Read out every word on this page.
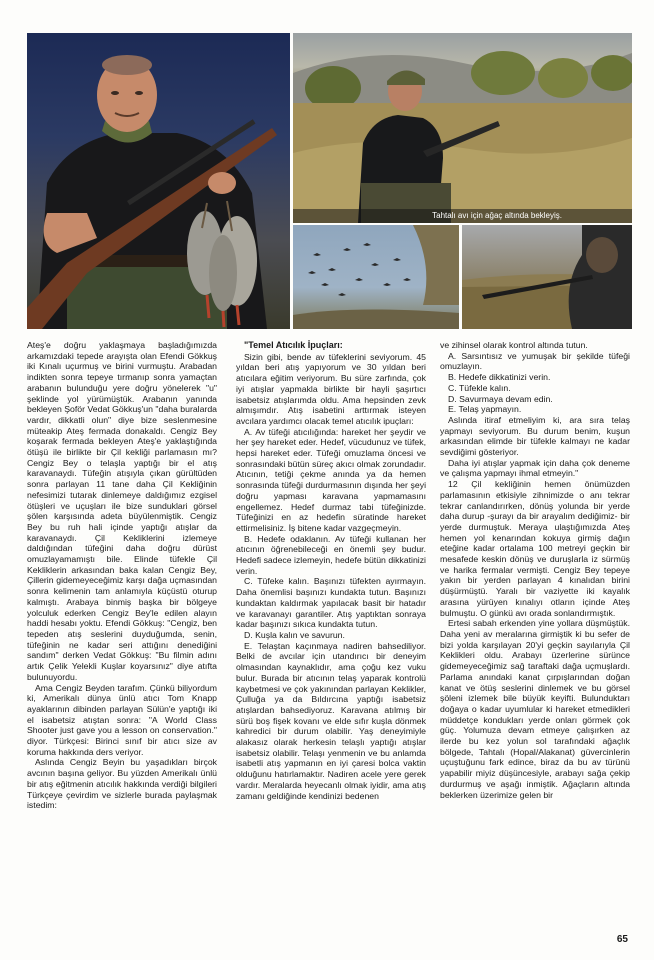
Tahtalı avı için ağaç altında bekleyiş.

Ateş'e doğru yaklaşmaya başladığımızda arkamızdaki tepede arayışta olan Efendi Gökkuş iki Kınalı uçurmuş ve birini vurmuştu. Arabadan indikten sonra tepeye tırmanıp sonra yamaçtan arabanın bulunduğu yere doğru yönelerek "u" şeklinde yol yürümüştük. Arabanın yanında bekleyen Şoför Vedat Gökkuş'un "daha buralarda vardır, dikkatli olun" diye bize seslenmesine müteakip Ateş fermada donakaldı. Cengiz Bey koşarak fermada bekleyen Ateş'e yaklaştığında ötüşü ile birlikte bir Çil kekliği parlamasın mı? Cengiz Bey o telaşla yaptığı bir el atış karavanaydı. Tüfeğin atışıyla çıkan gürültüden sonra parlayan 11 tane daha Çil Kekliğinin nefesimizi tutarak dinlemeye daldığımız ezgisel ötüşleri ve uçuşları ile bize sunduklari görsel şölen karşısında adeta büyülenmiştik. Cengiz Bey bu ruh hali içinde yaptığı atışlar da karavanaydı. Çil Kekliklerini izlemeye daldığından tüfeğini daha doğru dürüst omuzlayamamıştı bile. Elinde tüfekle Çil Kekliklerin arkasından baka kalan Cengiz Bey, Çillerin gidemeyeceğimiz karşı dağa uçmasından sonra kelimenin tam anlamıyla küçüstü oturup kalmıştı. Arabaya binmiş başka bir bölgeye yolculuk ederken Cengiz Bey'le edilen alayın haddi hesabı yoktu. Efendi Gökkuş: "Cengiz, ben tepeden atış seslerini duyduğumda, senin, tüfeğinin ne kadar seri attığını denediğini sandım" derken Vedat Gökkuş: "Bu filmin adını artık Çelik Yelekli Kuşlar koyarsınız" diye atıfta bulunuyordu.

Ama Cengiz Beyden tarafım. Çünkü biliyordum ki, Amerikalı dünya ünlü atıcı Tom Knapp ayaklarının dibinden parlayan Sülün'e yaptığı iki el isabetsiz atıştan sonra: "A World Class Shooter just gave you a lesson on conservation." diyor. Türkçesi: Birinci sınıf bir atıcı size av koruma hakkında ders veriyor.

Aslında Cengiz Beyin bu yaşadıkları birçok avcının başına geliyor. Bu yüzden Amerikalı ünlü bir atış eğitmenin atıcılık hakkında verdiği bilgileri Türkçeye çevirdim ve sizlerle burada paylaşmak istedim:

"Temel Atıcılık İpuçları:

Sizin gibi, bende av tüfeklerini seviyorum. 45 yıldan beri atış yapıyorum ve 30 yıldan beri atıcılara eğitim veriyorum. Bu süre zarfında, çok iyi atışlar yapmakla birlikte bir hayli şaşırtıcı isabetsiz atışlarımda oldu. Ama hepsinden zevk almışımdır. Atış isabetini arttırmak isteyen avcılara yardımcı olacak temel atıcılık ipuçları:

A. Av tüfeği atıcılığında: hareket her şeydir ve her şey hareket eder. Hedef, vücudunuz ve tüfek, hepsi hareket eder. Tüfeği omuzlama öncesi ve sonrasındaki bütün süreç akıcı olmak zorundadır. Atıcının, tetiği çekme anında ya da hemen sonrasında tüfeği durdurmasının dışında her şeyi doğru yapması karavana yapmamasını engellemez. Hedef durmaz tabi tüfeğinizde. Tüfeğinizi en az hedefin süratinde hareket ettirmelisiniz. İş bitene kadar vazgeçmeyin.

B. Hedefe odaklanın. Av tüfeği kullanan her atıcının öğrenebileceği en önemli şey budur. Hedefi sadece izlemeyin, hedefe bütün dikkatinizi verin.

C. Tüfeke kalın. Başınızı tüfekten ayırmayın. Daha önemlisi başınızı kundakta tutun. Başınızı kundaktan kaldırmak yapılacak basit bir hatadır ve karavanayı garantiler. Atış yaptıktan sonraya kadar başınızı sıkıca kundakta tutun.

D. Kuşla kalın ve savurun.

E. Telaştan kaçınmaya nadiren bahsediliyor. Belki de avcılar için utandırıcı bir deneyim olmasından kaynaklıdır, ama çoğu kez vuku bulur. Burada bir atıcının telaş yaparak kontrolü kaybetmesi ve çok yakınından parlayan Keklikler, Çulluğa ya da Bıldırcına yaptığı isabetsiz atışlardan bahsediyoruz. Karavana atılmış bir sürü boş fişek kovanı ve elde sıfır kuşla dönmek kahredici bir durum olabilir. Yaş deneyimiyle alakasız olarak herkesin telaşlı yaptığı atışlar isabetsiz olabilir. Telaşı yenmenin ve bu anlamda isabetli atış yapmanın en iyi çaresi bolca vaktin olduğunu hatırlamaktır. Nadiren acele yere gerek vardır. Meralarda heyecanlı olmak iyidir, ama atış zamanı geldiğinde kendinizi bedenen

ve zihinsel olarak kontrol altında tutun.

A. Sarsıntısız ve yumuşak bir şekilde tüfeği omuzlayın.
B. Hedefe dikkatinizi verin.
C. Tüfekle kalın.
D. Savurmaya devam edin.
E. Telaş yapmayın.

Aslında itiraf etmeliyim ki, ara sıra telaş yapmayı seviyorum. Bu durum benim, kuşun arkasından elimde bir tüfekle kalmayı ne kadar sevdiğimi gösteriyor.

Daha iyi atışlar yapmak için daha çok deneme ve çalışma yapmayı ihmal etmeyin."

12 Çil kekliğinin hemen önümüzden parlamasının etkisiyle zihnimizde o anı tekrar tekrar canlandırırken, dönüş yolunda bir yerde daha durup -şurayı da bir arayalım dediğimiz- bir yerde durmuştuk. Meraya ulaştığımızda Ateş hemen yol kenarından kokuya girmiş dağın eteğine kadar ortalama 100 metreyi geçkin bir mesafede keskin dönüş ve duruşlarla iz sürmüş ve harika fermalar vermişti. Cengiz Bey tepeye yakın bir yerden parlayan 4 kınalıdan birini düşürmüştü. Yaralı bir vaziyette iki kayalık arasına yürüyen kınalıyı otların içinde Ateş bulmuştu. O günkü avı orada sonlandırmıştık.

Ertesi sabah erkenden yine yollara düşmüştük. Daha yeni av meralarına girmiştik ki bu sefer de bizi yolda karşılayan 20'yi geçkin sayılarıyla Çil Keklikleri oldu. Arabayı üzerlerine sürünce gidemeyeceğimiz sağ taraftaki dağa uçmuşlardı. Parlama anındaki kanat çırpışlarından doğan kanat ve ötüş seslerini dinlemek ve bu görsel şöleni izlemek bile büyük keyifti. Bulunduktarı doğaya o kadar uyumlular ki hareket etmedikleri müddetçe kondukları yerde onları görmek çok güç. Yolumuza devam etmeye çalışırken az ilerde bu kez yolun sol tarafındaki ağaçlık bölgede, Tahtalı (Hopal/Alakanat) güvercinlerin uçuştuğunu fark edince, biraz da bu av türünü yapabilir miyiz düşüncesiyle, arabayı sağa çekip durdurmuş ve aşağı inmiştik. Ağaçların altında beklerken üzerimize gelen bir

65
